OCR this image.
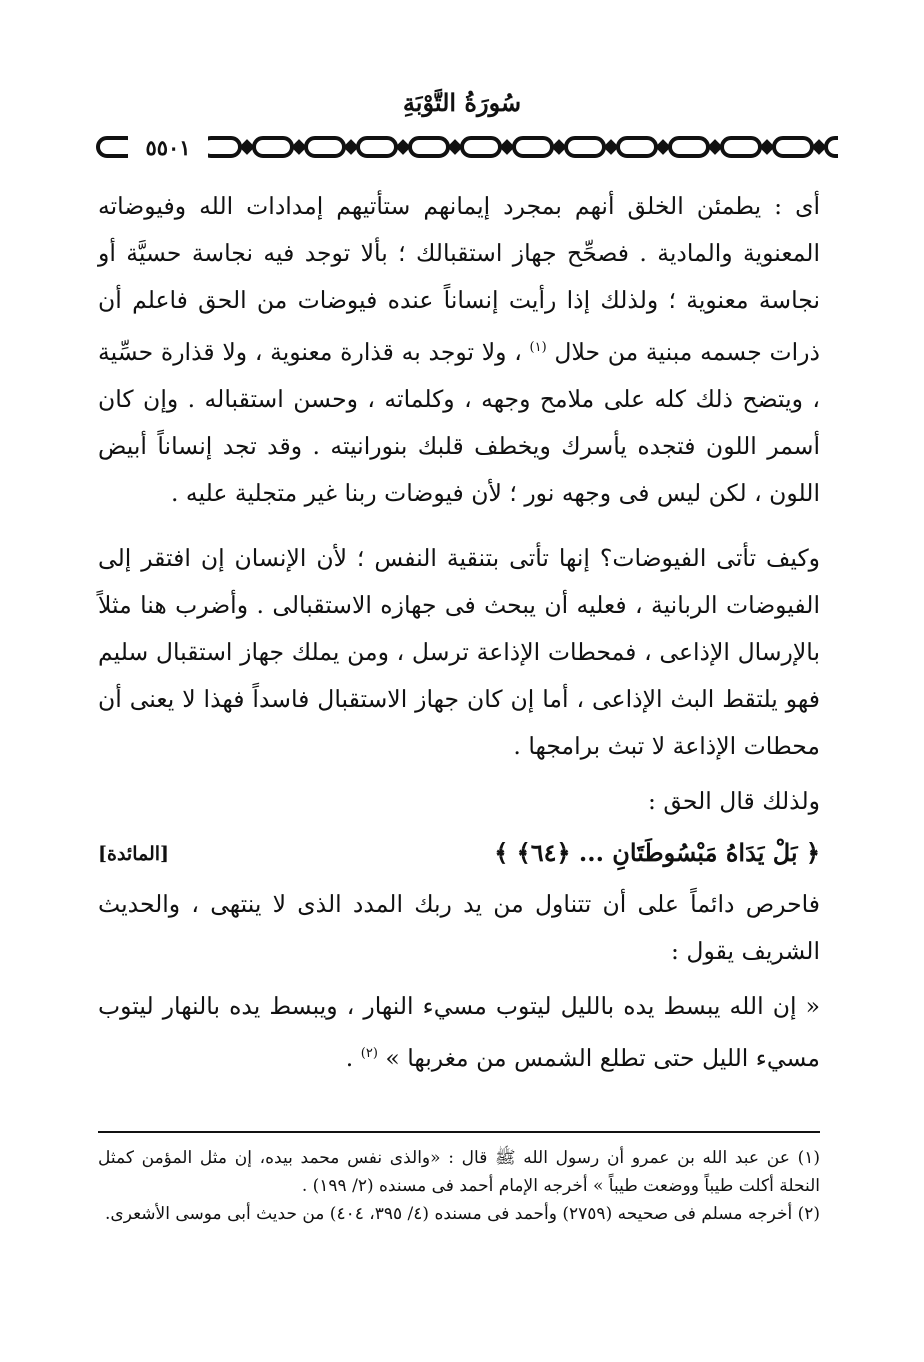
سُورَةُ التَّوْبَةِ
٥٥٠١

أى : يطمئن الخلق أنهم بمجرد إيمانهم ستأتيهم إمدادات الله وفيوضاته المعنوية والمادية . فصحِّح جهاز استقبالك ؛ بألا توجد فيه نجاسة حسيَّة أو نجاسة معنوية ؛ ولذلك إذا رأيت إنساناً عنده فيوضات من الحق فاعلم أن ذرات جسمه مبنية من حلال $^{(١)}$ ، ولا توجد به قذارة معنوية ، ولا قذارة حسِّية ، ويتضح ذلك كله على ملامح وجهه ، وكلماته ، وحسن استقباله . وإن كان أسمر اللون فتجده يأسرك ويخطف قلبك بنورانيته . وقد تجد إنساناً أبيض اللون ، لكن ليس فى وجهه نور ؛ لأن فيوضات ربنا غير متجلية عليه .

وكيف تأتى الفيوضات؟ إنها تأتى بتنقية النفس ؛ لأن الإنسان إن افتقر إلى الفيوضات الربانية ، فعليه أن يبحث فى جهازه الاستقبالى . وأضرب هنا مثلاً بالإرسال الإذاعى ، فمحطات الإذاعة ترسل ، ومن يملك جهاز استقبال سليم فهو يلتقط البث الإذاعى ، أما إن كان جهاز الاستقبال فاسداً فهذا لا يعنى أن محطات الإذاعة لا تبث برامجها .

ولذلك قال الحق :

﴿ بَلْ يَدَاهُ مَبْسُوطَتَانِ ... ﴿٦٤﴾ ﴾
[المائدة]

فاحرص دائماً على أن تتناول من يد ربك المدد الذى لا ينتهى ، والحديث الشريف يقول :

« إن الله يبسط يده بالليل ليتوب مسيء النهار ، ويبسط يده بالنهار ليتوب مسيء الليل حتى تطلع الشمس من مغربها » $^{(٢)}$ .

(١) عن عبد الله بن عمرو أن رسول الله ﷺ قال : «والذى نفس محمد بيده، إن مثل المؤمن كمثل النحلة أكلت طيباً ووضعت طيباً » أخرجه الإمام أحمد فى مسنده (٢/ ١٩٩) .

(٢) أخرجه مسلم فى صحيحه (٢٧٥٩) وأحمد فى مسنده (٤/ ٣٩٥، ٤٠٤) من حديث أبى موسى الأشعرى.
